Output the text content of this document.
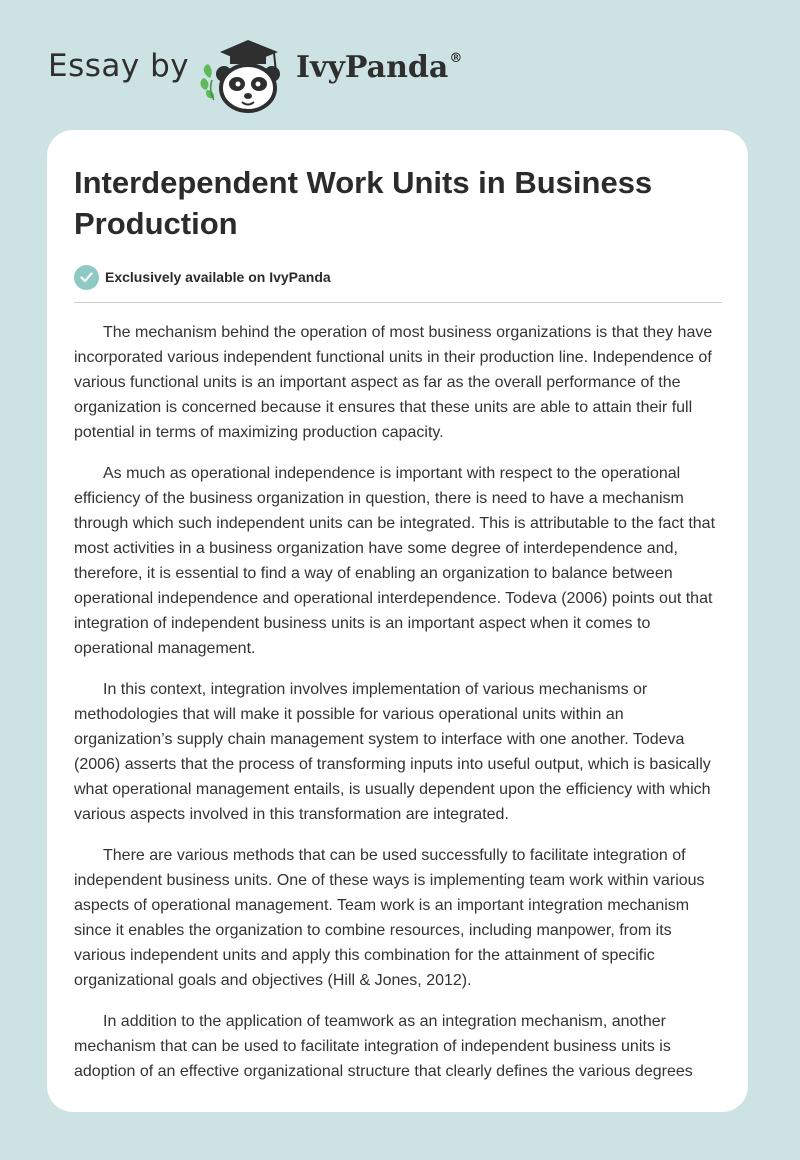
Essay by	IvyPanda®
Interdependent Work Units in Business Production
Exclusively available on IvyPanda

The mechanism behind the operation of most business organizations is that they have incorporated various independent functional units in their production line. Independence of various functional units is an important aspect as far as the overall performance of the organization is concerned because it ensures that these units are able to attain their full potential in terms of maximizing production capacity.

As much as operational independence is important with respect to the operational efficiency of the business organization in question, there is need to have a mechanism through which such independent units can be integrated. This is attributable to the fact that most activities in a business organization have some degree of interdependence and, therefore, it is essential to find a way of enabling an organization to balance between operational independence and operational interdependence. Todeva (2006) points out that integration of independent business units is an important aspect when it comes to operational management.

In this context, integration involves implementation of various mechanisms or methodologies that will make it possible for various operational units within an organization’s supply chain management system to interface with one another. Todeva (2006) asserts that the process of transforming inputs into useful output, which is basically what operational management entails, is usually dependent upon the efficiency with which various aspects involved in this transformation are integrated.

There are various methods that can be used successfully to facilitate integration of independent business units. One of these ways is implementing team work within various aspects of operational management. Team work is an important integration mechanism since it enables the organization to combine resources, including manpower, from its various independent units and apply this combination for the attainment of specific organizational goals and objectives (Hill & Jones, 2012).

In addition to the application of teamwork as an integration mechanism, another mechanism that can be used to facilitate integration of independent business units is adoption of an effective organizational structure that clearly defines the various degrees
